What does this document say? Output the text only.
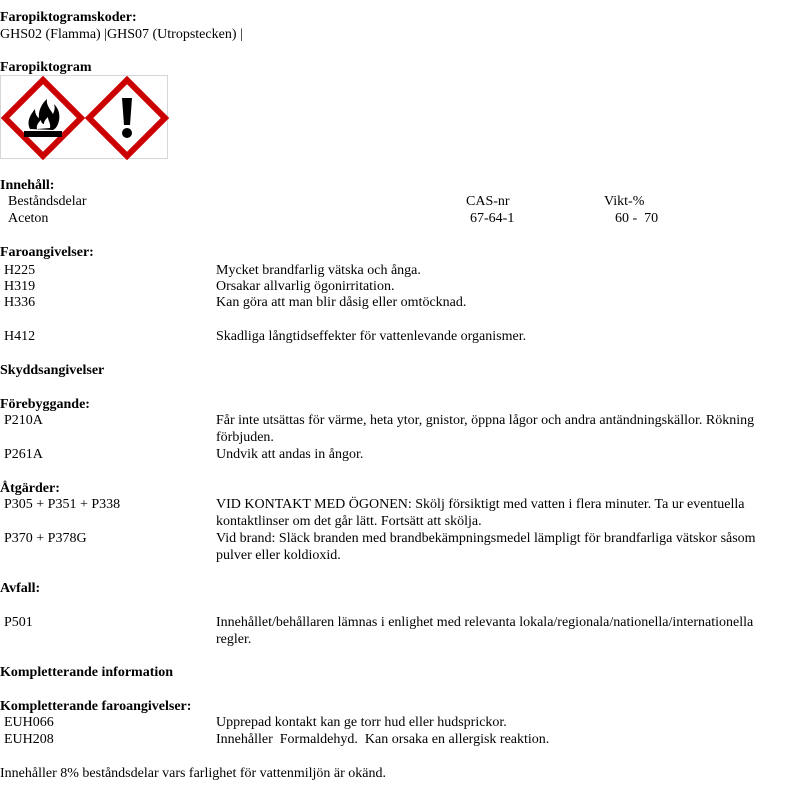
Faropiktogramskoder:
GHS02 (Flamma) |GHS07 (Utropstecken) |
Faropiktogram
Innehåll:
Beståndsdelar	CAS-nr	Vikt-%
Aceton	67-64-1	60 -  70
Faroangivelser:
H225	Mycket brandfarlig vätska och ånga.
H319	Orsakar allvarlig ögonirritation.
H336	Kan göra att man blir dåsig eller omtöcknad.
H412	Skadliga långtidseffekter för vattenlevande organismer.
Skyddsangivelser
Förebyggande:
P210A	Får inte utsättas för värme, heta ytor, gnistor, öppna lågor och andra antändningskällor. Rökning förbjuden.
P261A	Undvik att andas in ångor.
Åtgärder:
P305 + P351 + P338	VID KONTAKT MED ÖGONEN: Skölj försiktigt med vatten i flera minuter. Ta ur eventuella kontaktlinser om det går lätt. Fortsätt att skölja.
P370 + P378G	Vid brand: Släck branden med brandbekämpningsmedel lämpligt för brandfarliga vätskor såsom pulver eller koldioxid.
Avfall:
P501	Innehållet/behållaren lämnas i enlighet med relevanta lokala/regionala/nationella/internationella regler.
Kompletterande information
Kompletterande faroangivelser:
EUH066	Upprepad kontakt kan ge torr hud eller hudsprickor.
EUH208	Innehåller  Formaldehyd.  Kan orsaka en allergisk reaktion.
Innehåller 8% beståndsdelar vars farlighet för vattenmiljön är okänd.
